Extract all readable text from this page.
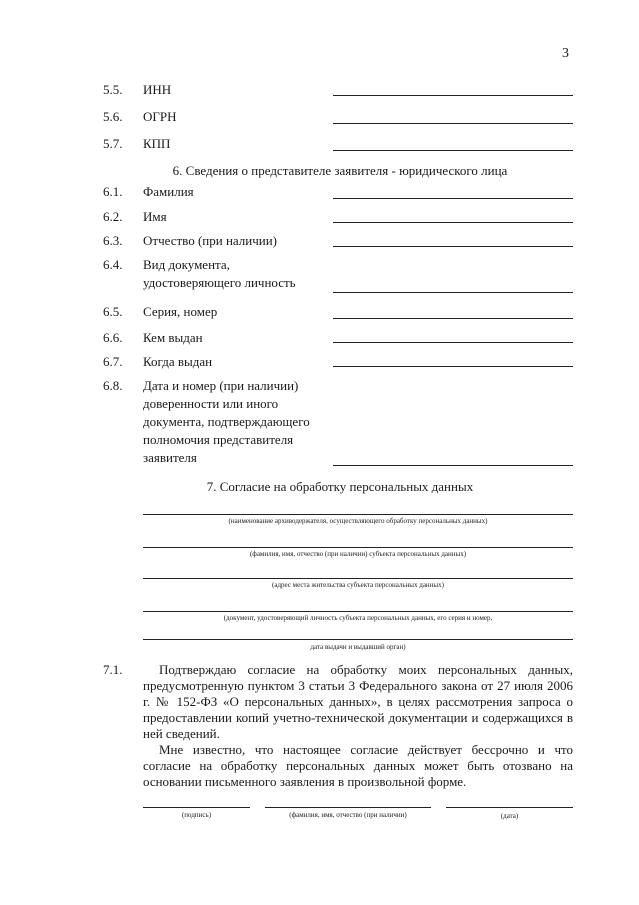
3
5.5. ИНН
5.6. ОГРН
5.7. КПП
6. Сведения о представителе заявителя - юридического лица
6.1. Фамилия
6.2. Имя
6.3. Отчество (при наличии)
6.4. Вид документа,
удостоверяющего личность
6.5. Серия, номер
6.6. Кем выдан
6.7. Когда выдан
6.8. Дата и номер (при наличии)
доверенности или иного
документа, подтверждающего
полномочия представителя
заявителя
7. Согласие на обработку персональных данных
(наименование архиводержателя, осуществляющего обработку персональных данных)
(фамилия, имя, отчество (при наличии) субъекта персональных данных)
(адрес места жительства субъекта персональных данных)
(документ, удостоверяющий личность субъекта персональных данных, его серия и номер,
дата выдачи и выдавший орган)
7.1.	Подтверждаю согласие на обработку моих персональных данных, предусмотренную пунктом 3 статьи 3 Федерального закона от 27 июля 2006 г. № 152-ФЗ «О персональных данных», в целях рассмотрения запроса о предоставлении копий учетно-технической документации и содержащихся в ней сведений.
Мне известно, что настоящее согласие действует бессрочно и что согласие на обработку персональных данных может быть отозвано на основании письменного заявления в произвольной форме.
(подпись)	(фамилия, имя, отчество (при наличии)	(дата)
